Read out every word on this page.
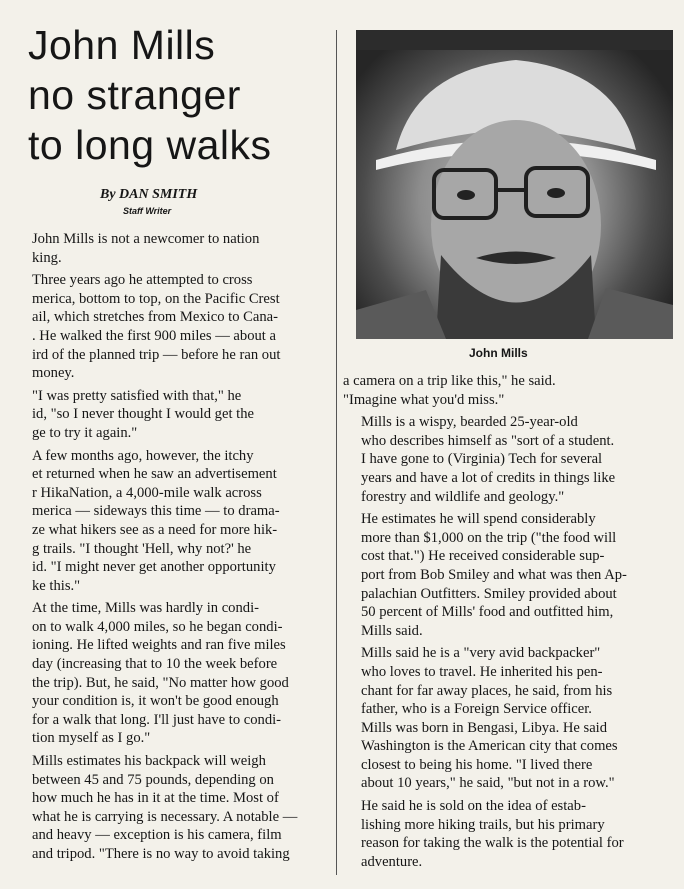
John Mills
no stranger
to long walks
By DAN SMITH
Staff Writer

John Mills is not a newcomer to nation
king.

Three years ago he attempted to cross
merica, bottom to top, on the Pacific Crest
ail, which stretches from Mexico to Cana-
. He walked the first 900 miles — about a
ird of the planned trip — before he ran out
money.

"I was pretty satisfied with that," he
id, "so I never thought I would get the
ge to try it again."

A few months ago, however, the itchy
et returned when he saw an advertisement
r HikaNation, a 4,000-mile walk across
merica — sideways this time — to drama-
ze what hikers see as a need for more hik-
g trails. "I thought 'Hell, why not?' he
id. "I might never get another opportunity
ke this."

At the time, Mills was hardly in condi-
on to walk 4,000 miles, so he began condi-
ioning. He lifted weights and ran five miles
day (increasing that to 10 the week before
the trip). But, he said, "No matter how good
your condition is, it won't be good enough
for a walk that long. I'll just have to condi-
tion myself as I go."

Mills estimates his backpack will weigh
between 45 and 75 pounds, depending on
how much he has in it at the time. Most of
what he is carrying is necessary. A notable —
and heavy — exception is his camera, film
and tripod. "There is no way to avoid taking

John Mills

a camera on a trip like this," he said.
"Imagine what you'd miss."

Mills is a wispy, bearded 25-year-old
who describes himself as "sort of a student.
I have gone to (Virginia) Tech for several
years and have a lot of credits in things like
forestry and wildlife and geology."

He estimates he will spend considerably
more than $1,000 on the trip ("the food will
cost that.") He received considerable sup-
port from Bob Smiley and what was then Ap-
palachian Outfitters. Smiley provided about
50 percent of Mills' food and outfitted him,
Mills said.

Mills said he is a "very avid backpacker"
who loves to travel. He inherited his pen-
chant for far away places, he said, from his
father, who is a Foreign Service officer.
Mills was born in Bengasi, Libya. He said
Washington is the American city that comes
closest to being his home. "I lived there
about 10 years," he said, "but not in a row."

He said he is sold on the idea of estab-
lishing more hiking trails, but his primary
reason for taking the walk is the potential for
adventure.
